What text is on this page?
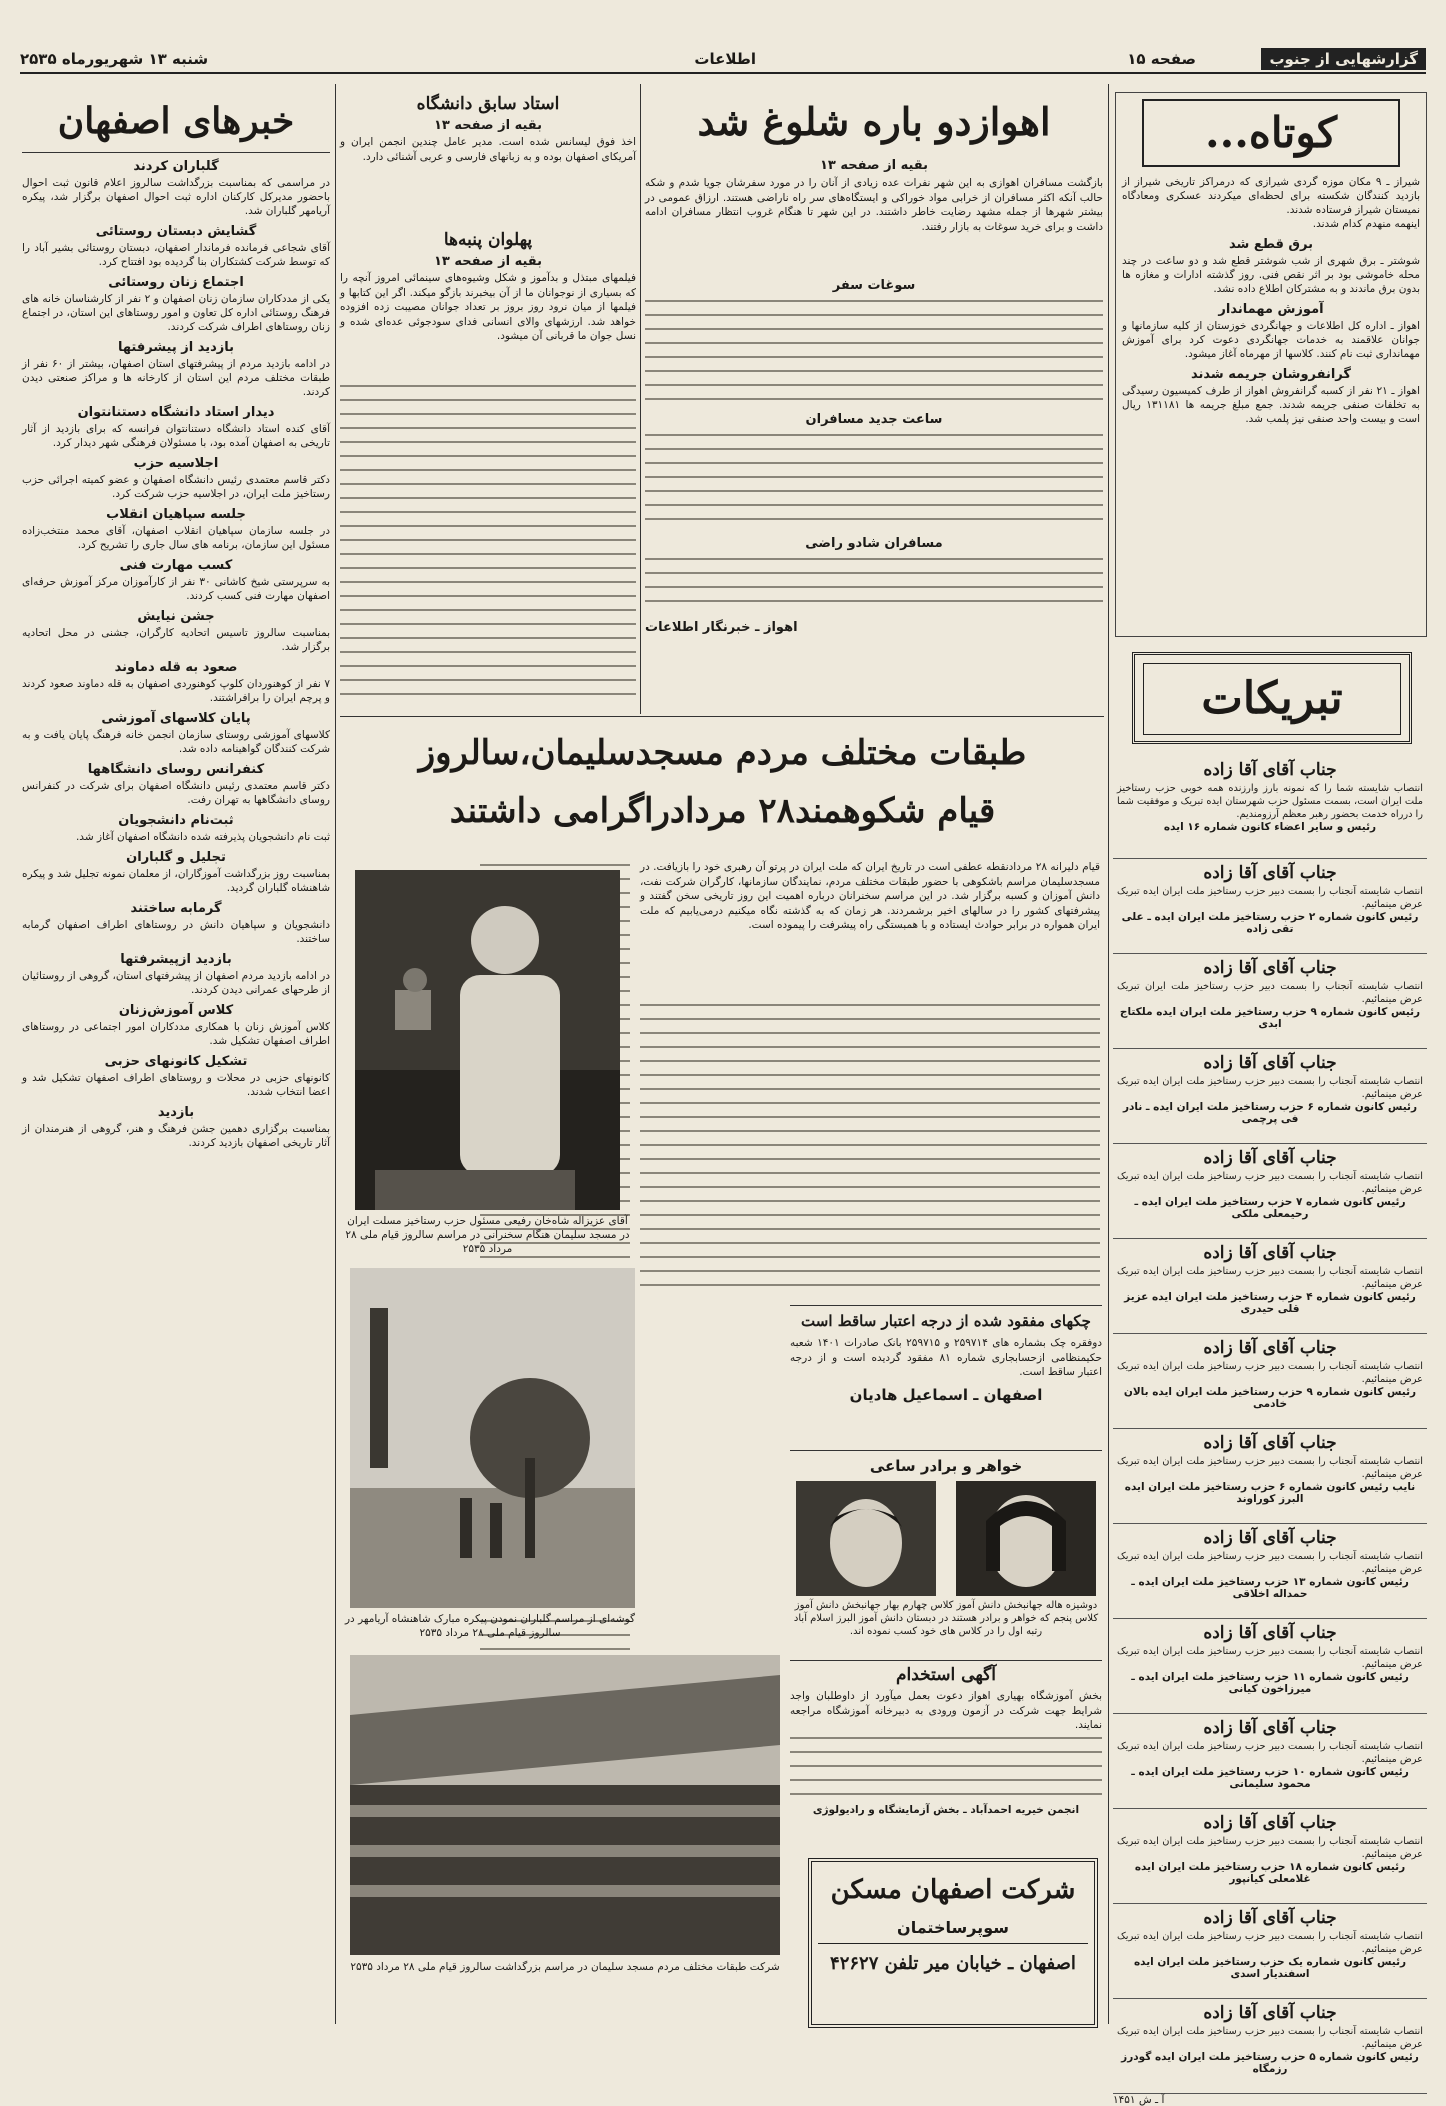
گزارشهایی از جنوب
صفحه ۱۵
اطلاعات
شنبه ۱۳ شهریورماه ۲۵۳۵
کوتاه...
شیراز ـ ۹ مکان موزه گردی شیرازی که درمراکز تاریخی شیراز از بازدید کنندگان شکسته برای لحظه‌ای میکردند عسکری ومعادگاه نمیستان شیراز فرستاده شدند.
اینهمه منهدم کدام شدند.
برق قطع شد
شوشتر ـ برق شهری از شب شوشتر قطع شد و دو ساعت در چند محله خاموشی بود بر اثر نقص فنی. روز گذشته ادارات و مغازه ها بدون برق ماندند و به مشترکان اطلاع داده نشد.
آموزش مهماندار
اهواز ـ اداره کل اطلاعات و جهانگردی خوزستان از کلیه سازمانها و جوانان علاقمند به خدمات جهانگردی دعوت کرد برای آموزش مهمانداری ثبت نام کنند. کلاسها از مهرماه آغاز میشود.
گرانفروشان جریمه شدند
اهواز ـ ۲۱ نفر از کسبه گرانفروش اهواز از طرف کمیسیون رسیدگی به تخلفات صنفی جریمه شدند. جمع مبلغ جریمه ها ۱۳۱۱۸۱ ریال است و بیست واحد صنفی نیز پلمب شد.
تبریکات
جناب آقای آقا زاده
انتصاب شایسته شما را که نمونه بارز وارزنده همه خوبی حزب رستاخیز ملت ایران است، بسمت مسئول حزب شهرستان ایده تبریک و موفقیت شما را درراه خدمت بحضور رهبر معظم آرزومندیم.
رئیس و سایر اعضاء کانون شماره ۱۶ ایده
جناب آقای آقا زاده
انتصاب شایسته آنجناب را بسمت دبیر حزب رستاخیز ملت ایران ایده تبریک عرض مینمائیم.
رئیس کانون شماره ۲ حزب رستاخیز ملت ایران ایده ـ علی تقی زاده
جناب آقای آقا زاده
انتصاب شایسته آنجناب را بسمت دبیر حزب رستاخیز ملت ایران تبریک عرض مینمائیم.
رئیس کانون شماره ۹ حزب رستاخیز ملت ایران ایده ملکتاج ابدی
جناب آقای آقا زاده
انتصاب شایسته آنجناب را بسمت دبیر حزب رستاخیز ملت ایران ایده تبریک عرض مینمائیم.
رئیس کانون شماره ۶ حزب رستاخیز ملت ایران ایده ـ نادر فی پرچمی
جناب آقای آقا زاده
انتصاب شایسته آنجناب را بسمت دبیر حزب رستاخیز ملت ایران ایده تبریک عرض مینمائیم.
رئیس کانون شماره ۷ حزب رستاخیز ملت ایران ایده ـ رحیمعلی ملکی
جناب آقای آقا زاده
انتصاب شایسته آنجناب را بسمت دبیر حزب رستاخیز ملت ایران ایده تبریک عرض مینمائیم.
رئیس کانون شماره ۴ حزب رستاخیز ملت ایران ایده عزیز قلی حیدری
جناب آقای آقا زاده
انتصاب شایسته آنجناب را بسمت دبیر حزب رستاخیز ملت ایران ایده تبریک عرض مینمائیم.
رئیس کانون شماره ۹ حزب رستاخیز ملت ایران ایده بالان خادمی
جناب آقای آقا زاده
انتصاب شایسته آنجناب را بسمت دبیر حزب رستاخیز ملت ایران ایده تبریک عرض مینمائیم.
نایب رئیس کانون شماره ۶ حزب رستاخیز ملت ایران ایده البرز کوراوند
جناب آقای آقا زاده
انتصاب شایسته آنجناب را بسمت دبیر حزب رستاخیز ملت ایران ایده تبریک عرض مینمائیم.
رئیس کانون شماره ۱۳ حزب رستاخیز ملت ایران ایده ـ حمداله اخلاقی
جناب آقای آقا زاده
انتصاب شایسته آنجناب را بسمت دبیر حزب رستاخیز ملت ایران ایده تبریک عرض مینمائیم.
رئیس کانون شماره ۱۱ حزب رستاخیز ملت ایران ایده ـ میرزاخون کیانی
جناب آقای آقا زاده
انتصاب شایسته آنجناب را بسمت دبیر حزب رستاخیز ملت ایران ایده تبریک عرض مینمائیم.
رئیس کانون شماره ۱۰ حزب رستاخیز ملت ایران ایده ـ محمود سلیمانی
جناب آقای آقا زاده
انتصاب شایسته آنجناب را بسمت دبیر حزب رستاخیز ملت ایران ایده تبریک عرض مینمائیم.
رئیس کانون شماره ۱۸ حزب رستاخیز ملت ایران ایده غلامعلی کیانپور
جناب آقای آقا زاده
انتصاب شایسته آنجناب را بسمت دبیر حزب رستاخیز ملت ایران ایده تبریک عرض مینمائیم.
رئیس کانون شماره یک حزب رستاخیز ملت ایران ایده اسفندیار اسدی
جناب آقای آقا زاده
انتصاب شایسته آنجناب را بسمت دبیر حزب رستاخیز ملت ایران ایده تبریک عرض مینمائیم.
رئیس کانون شماره ۵ حزب رستاخیز ملت ایران ایده گودرز رزمگاه
آ ـ ش ۱۴۵۱
اهوازدو باره شلوغ شد
بقیه از صفحه ۱۳
بازگشت مسافران اهوازی به این شهر نفرات عده زیادی از آنان را در مورد سفرشان جویا شدم و شکه حالب آنکه اکثر مسافران از خرابی مواد خوراکی و ایستگاه‌های سر راه ناراضی هستند. ارزاق عمومی در بیشتر شهرها از جمله مشهد رضایت خاطر داشتند. در این شهر تا هنگام غروب انتظار مسافران ادامه داشت و برای خرید سوغات به بازار رفتند.
سوغات سفر
ساعت جدید مسافران
مسافران شادو راضی
اهواز ـ خبرنگار اطلاعات
استاد سابق دانشگاه
بقیه از صفحه ۱۳
اخذ فوق لیسانس شده است. مدیر عامل چندین انجمن ایران و آمریکای اصفهان بوده و به زبانهای فارسی و عربی آشنائی دارد.
پهلوان پنبه‌ها
بقیه از صفحه ۱۳
فیلمهای مبتذل و بدآموز و شکل وشیوه‌های سینمائی امروز آنچه را که بسیاری از نوجوانان ما از آن بیخبرند بازگو میکند. اگر این کتابها و فیلمها از میان نرود روز بروز بر تعداد جوانان مصیبت زده افزوده خواهد شد. ارزشهای والای انسانی فدای سودجوئی عده‌ای شده و نسل جوان ما قربانی آن میشود.
طبقات مختلف مردم مسجدسلیمان،سالروز
قیام شکوهمند۲۸ مردادراگرامی داشتند
قیام دلیرانه ۲۸ مردادنقطه عطفی است در تاریخ ایران که ملت ایران در پرتو آن رهبری خود را بازیافت. در مسجدسلیمان مراسم باشکوهی با حضور طبقات مختلف مردم، نمایندگان سازمانها، کارگران شرکت نفت، دانش آموزان و کسبه برگزار شد. در این مراسم سخنرانان درباره اهمیت این روز تاریخی سخن گفتند و پیشرفتهای کشور را در سالهای اخیر برشمردند. هر زمان که به گذشته نگاه میکنیم درمی‌یابیم که ملت ایران همواره در برابر حوادث ایستاده و با همبستگی راه پیشرفت را پیموده است.
آقای عزیزاله شاه‌خان رفیعی مسئول حزب رستاخیز مسلت ایران در مسجد سلیمان هنگام سخنرانی در مراسم سالروز قیام ملی ۲۸ مرداد ۲۵۳۵
گوشه‌ای از مراسم گلباران نمودن پیکره مبارک شاهنشاه آریامهر در سالروز قیام ملی ۲۸ مرداد ۲۵۳۵
شرکت طبقات مختلف مردم مسجد سلیمان در مراسم بزرگداشت سالروز قیام ملی ۲۸ مرداد ۲۵۳۵
چکهای مفقود شده از درجه اعتبار ساقط است
دوفقره چک بشماره های ۲۵۹۷۱۴ و ۲۵۹۷۱۵ بانک صادرات ۱۴۰۱ شعبه حکیمنظامی ازحسابجاری شماره ۸۱ مفقود گردیده است و از درجه اعتبار ساقط است.
اصفهان ـ اسماعیل هادیان
خواهر و برادر ساعی
دوشیزه هاله جهانبخش دانش آموز کلاس چهارم بهار جهانبخش دانش آموز کلاس پنجم که خواهر و برادر هستند در دبستان دانش آموز البرز اسلام آباد رتبه اول را در کلاس های خود کسب نموده اند.
آگهی استخدام
بخش آموزشگاه بهیاری اهواز دعوت بعمل میآورد از داوطلبان واجد شرایط جهت شرکت در آزمون ورودی به دبیرخانه آموزشگاه مراجعه نمایند.
انجمن خیریه احمدآباد ـ بخش آزمایشگاه و رادیولوژی
شرکت اصفهان مسکن
سوپرساختمان
اصفهان ـ خیابان میر تلفن ۴۲۶۲۷
خبرهای اصفهان
گلباران کردند
در مراسمی که بمناسبت بزرگداشت سالروز اعلام قانون ثبت احوال باحضور مدیرکل کارکنان اداره ثبت احوال اصفهان برگزار شد، پیکره آریامهر گلباران شد.
گشایش دبستان روستائی
آقای شجاعی فرمانده فرماندار اصفهان، دبستان روستائی بشیر آباد را که توسط شرکت کشتکاران بنا گردیده بود افتتاح کرد.
اجتماع زنان روستائی
یکی از مددکاران سازمان زنان اصفهان و ۲ نفر از کارشناسان خانه های فرهنگ روستائی اداره کل تعاون و امور روستاهای این استان، در اجتماع زنان روستاهای اطراف شرکت کردند.
بازدید از پیشرفتها
در ادامه بازدید مردم از پیشرفتهای استان اصفهان، بیشتر از ۶۰ نفر از طبقات مختلف مردم این استان از کارخانه ها و مراکز صنعتی دیدن کردند.
دیدار استاد دانشگاه دستنانتوان
آقای کنده استاد دانشگاه دستنانتوان فرانسه که برای بازدید از آثار تاریخی به اصفهان آمده بود، با مسئولان فرهنگی شهر دیدار کرد.
اجلاسیه حزب
دکتر قاسم معتمدی رئیس دانشگاه اصفهان و عضو کمیته اجرائی حزب رستاخیز ملت ایران، در اجلاسیه حزب شرکت کرد.
جلسه سپاهیان انقلاب
در جلسه سازمان سپاهیان انقلاب اصفهان، آقای محمد منتخب‌زاده مسئول این سازمان، برنامه های سال جاری را تشریح کرد.
کسب مهارت فنی
به سرپرستی شیخ کاشانی ۳۰ نفر از کارآموزان مرکز آموزش حرفه‌ای اصفهان مهارت فنی کسب کردند.
جشن نیایش
بمناسبت سالروز تاسیس اتحادیه کارگران، جشنی در محل اتحادیه برگزار شد.
صعود به قله دماوند
۷ نفر از کوهنوردان کلوپ کوهنوردی اصفهان به قله دماوند صعود کردند و پرچم ایران را برافراشتند.
پایان کلاسهای آموزشی
کلاسهای آموزشی روستای سازمان انجمن خانه فرهنگ پایان یافت و به شرکت کنندگان گواهینامه داده شد.
کنفرانس روسای دانشگاهها
دکتر قاسم معتمدی رئیس دانشگاه اصفهان برای شرکت در کنفرانس روسای دانشگاهها به تهران رفت.
ثبت‌نام دانشجویان
ثبت نام دانشجویان پذیرفته شده دانشگاه اصفهان آغاز شد.
تجلیل و گلباران
بمناسبت روز بزرگداشت آموزگاران، از معلمان نمونه تجلیل شد و پیکره شاهنشاه گلباران گردید.
گرمابه ساختند
دانشجویان و سپاهیان دانش در روستاهای اطراف اصفهان گرمابه ساختند.
بازدید ازپیشرفتها
در ادامه بازدید مردم اصفهان از پیشرفتهای استان، گروهی از روستائیان از طرحهای عمرانی دیدن کردند.
کلاس آموزش‌زنان
کلاس آموزش زنان با همکاری مددکاران امور اجتماعی در روستاهای اطراف اصفهان تشکیل شد.
تشکیل کانونهای حزبی
کانونهای حزبی در محلات و روستاهای اطراف اصفهان تشکیل شد و اعضا انتخاب شدند.
بازدید
بمناسبت برگزاری دهمین جشن فرهنگ و هنر، گروهی از هنرمندان از آثار تاریخی اصفهان بازدید کردند.
